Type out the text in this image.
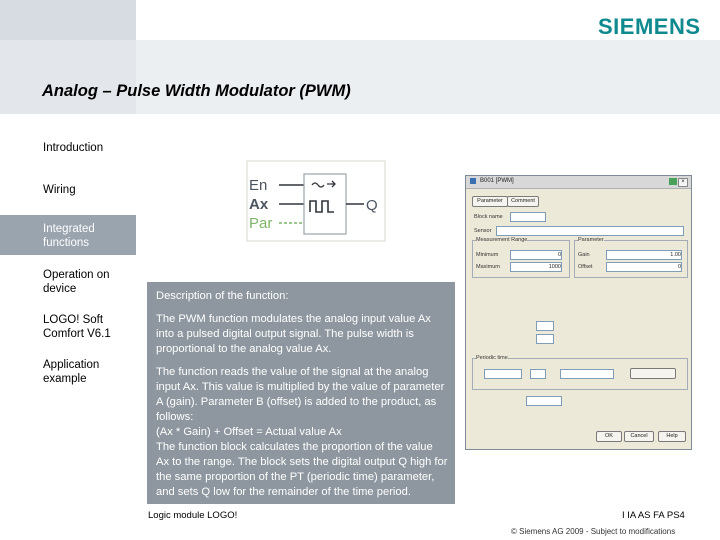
Introduction
Wiring
Integrated functions
Operation on device
LOGO! Soft Comfort V6.1
Application example
SIEMENS
Analog – Pulse Width Modulator (PWM)
En
Ax
Par
Q

Description of the function:

The PWM function modulates the analog input value Ax into a pulsed digital output signal. The pulse width is proportional to the analog value Ax.

The function reads the value of the signal at the analog input Ax. This value is multiplied by the value of parameter A (gain). Parameter B (offset) is added to the product, as follows:

(Ax * Gain) + Offset = Actual value Ax

The function block calculates the proportion of the value Ax to the range. The block sets the digital output Q high for the same proportion of the PT (periodic time) parameter, and sets Q low for the remainder of the time period.

B001 [PWM]	×
Parameter	Comment
Block name
Sensor
Measurement Range
Minimum	0
Maximum	1000
Parameter
Gain	1.00
Offset	0
Periodic time
OK	Cancel	Help
Logic module LOGO!	I IA AS FA PS4
© Siemens AG 2009 - Subject to modifications
